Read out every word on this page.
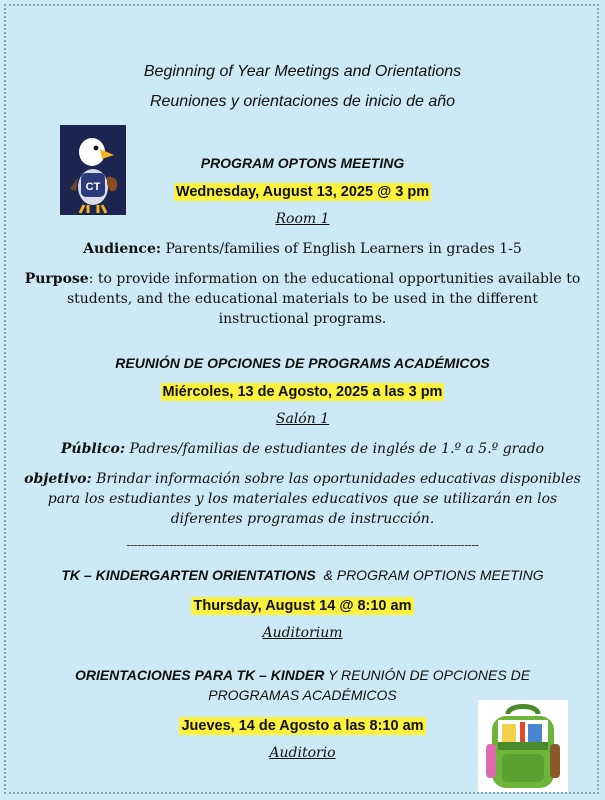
Beginning of Year Meetings and Orientations
Reuniones y orientaciones de inicio de año
CT
PROGRAM OPTONS MEETING
Wednesday, August 13, 2025 @ 3 pm
Room 1
Audience: Parents/families of English Learners in grades 1-5
Purpose: to provide information on the educational opportunities available to
students, and the educational materials to be used in the different
instructional programs.
REUNIÓN DE OPCIONES DE PROGRAMS ACADÉMICOS
Miércoles, 13 de Agosto, 2025 a las 3 pm
Salón 1
Público: Padres/familias de estudiantes de inglés de 1.º a 5.º grado
objetivo: Brindar información sobre las oportunidades educativas disponibles
para los estudiantes y los materiales educativos que se utilizarán en los
diferentes programas de instrucción.
---------------------------------------------------------------------------------------------------
TK – KINDERGARTEN ORIENTATIONS  & PROGRAM OPTIONS MEETING
Thursday, August 14 @ 8:10 am
Auditorium
ORIENTACIONES PARA TK – KINDER Y REUNIÓN DE OPCIONES DE
PROGRAMAS ACADÉMICOS
Jueves, 14 de Agosto a las 8:10 am
Auditorio
